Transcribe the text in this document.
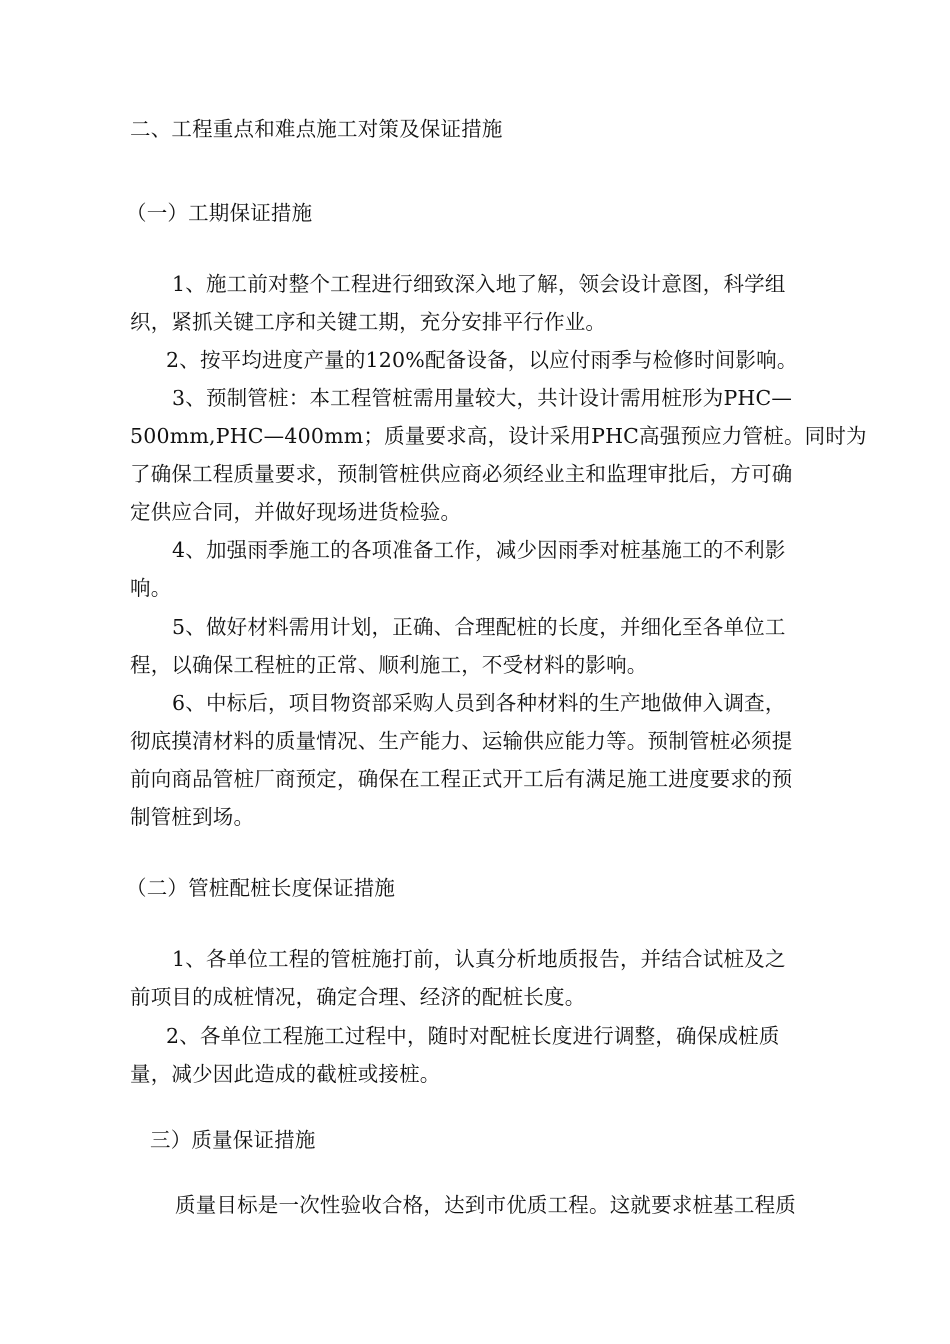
二、工程重点和难点施工对策及保证措施
（一）工期保证措施
1、施工前对整个工程进行细致深入地了解，领会设计意图，科学组
织，紧抓关键工序和关键工期，充分安排平行作业。
2、按平均进度产量的120%配备设备，以应付雨季与检修时间影响。
3、预制管桩：本工程管桩需用量较大，共计设计需用桩形为PHC—
500mm,PHC—400mm；质量要求高，设计采用PHC高强预应力管桩。同时为
了确保工程质量要求，预制管桩供应商必须经业主和监理审批后，方可确
定供应合同，并做好现场进货检验。
4、加强雨季施工的各项准备工作，减少因雨季对桩基施工的不利影
响。
5、做好材料需用计划，正确、合理配桩的长度，并细化至各单位工
程，以确保工程桩的正常、顺利施工，不受材料的影响。
6、中标后，项目物资部采购人员到各种材料的生产地做伸入调查，
彻底摸清材料的质量情况、生产能力、运输供应能力等。预制管桩必须提
前向商品管桩厂商预定，确保在工程正式开工后有满足施工进度要求的预
制管桩到场。
（二）管桩配桩长度保证措施
1、各单位工程的管桩施打前，认真分析地质报告，并结合试桩及之
前项目的成桩情况，确定合理、经济的配桩长度。
2、各单位工程施工过程中，随时对配桩长度进行调整，确保成桩质
量，减少因此造成的截桩或接桩。
三）质量保证措施
质量目标是一次性验收合格，达到市优质工程。这就要求桩基工程质
